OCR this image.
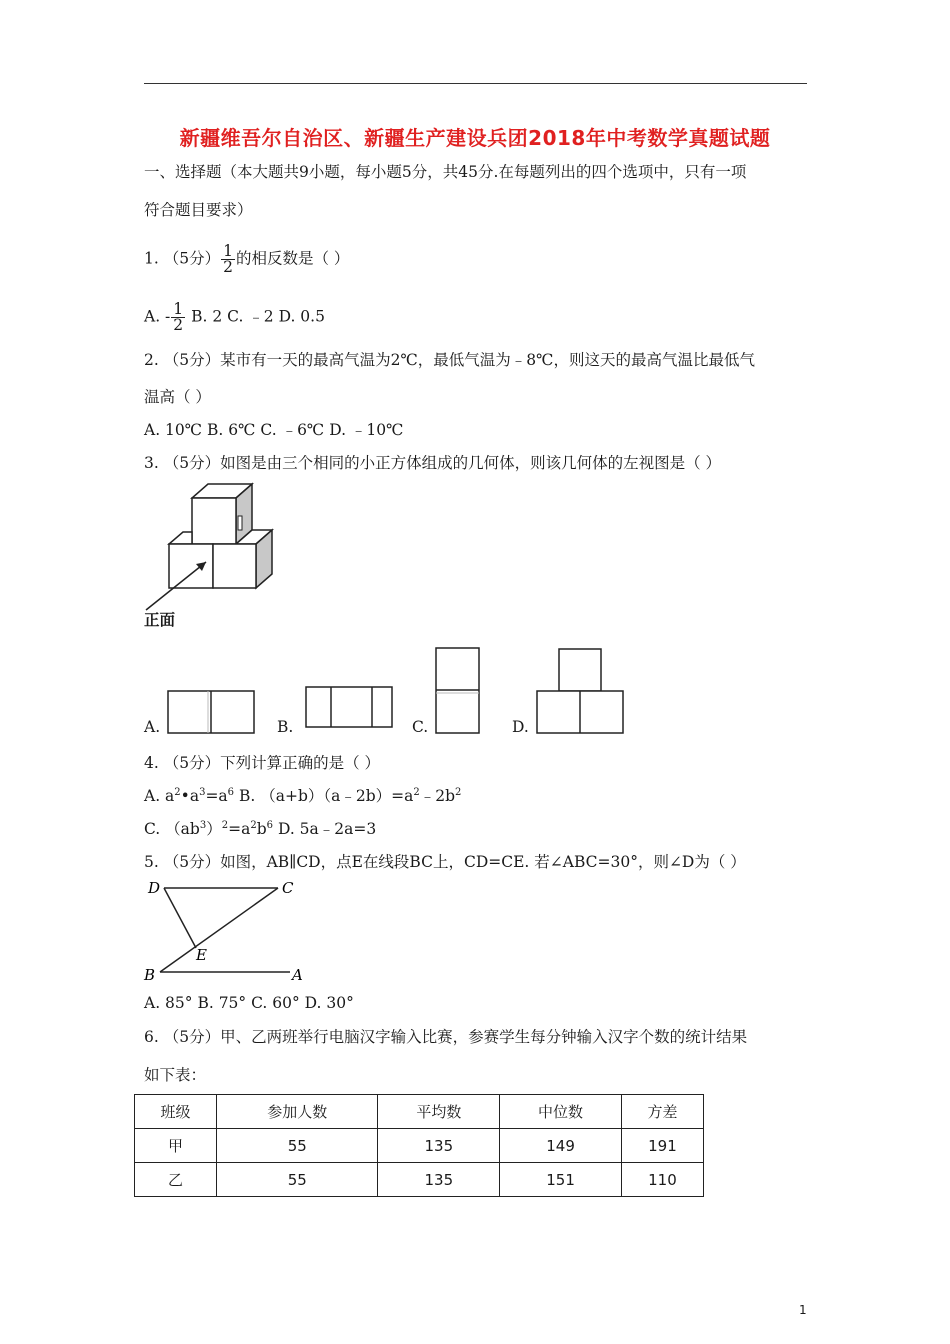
新疆维吾尔自治区、新疆生产建设兵团2018年中考数学真题试题
一、选择题（本大题共9小题，每小题5分，共45分.在每题列出的四个选项中，只有一项
符合题目要求）
1. （5分） $\frac{1}{2}$ 的相反数是（ ）
A. - $\frac{1}{2} B$. 2 C. ﹣2 D. 0.5
2. （5分）某市有一天的最高气温为2℃，最低气温为﹣8℃，则这天的最高气温比最低气
温高（ ）
A. 10℃ B. 6℃ C. ﹣6℃ D. ﹣10℃
3. （5分）如图是由三个相同的小正方体组成的几何体，则该几何体的左视图是（ ）
正面
A.	B.	C.	D.
4. （5分）下列计算正确的是（ ）
A. $a^2•a^3=a^6$ B. $(a+b)(a﹣2b)=a^2﹣2b^2$
C. $(ab^3)^2=a^2b^6$ D. 5a﹣2a=3
5. （5分）如图，AB∥CD，点E在线段BC上，CD=CE. 若∠ABC=30°，则∠D为（ ）
D	C
E
B	A
A. 85° B. 75° C. 60° D. 30°
6. （5分）甲、乙两班举行电脑汉字输入比赛，参赛学生每分钟输入汉字个数的统计结果
如下表：
班级	参加人数	平均数	中位数	方差
甲	55	135	149	191
乙	55	135	151	110
1
